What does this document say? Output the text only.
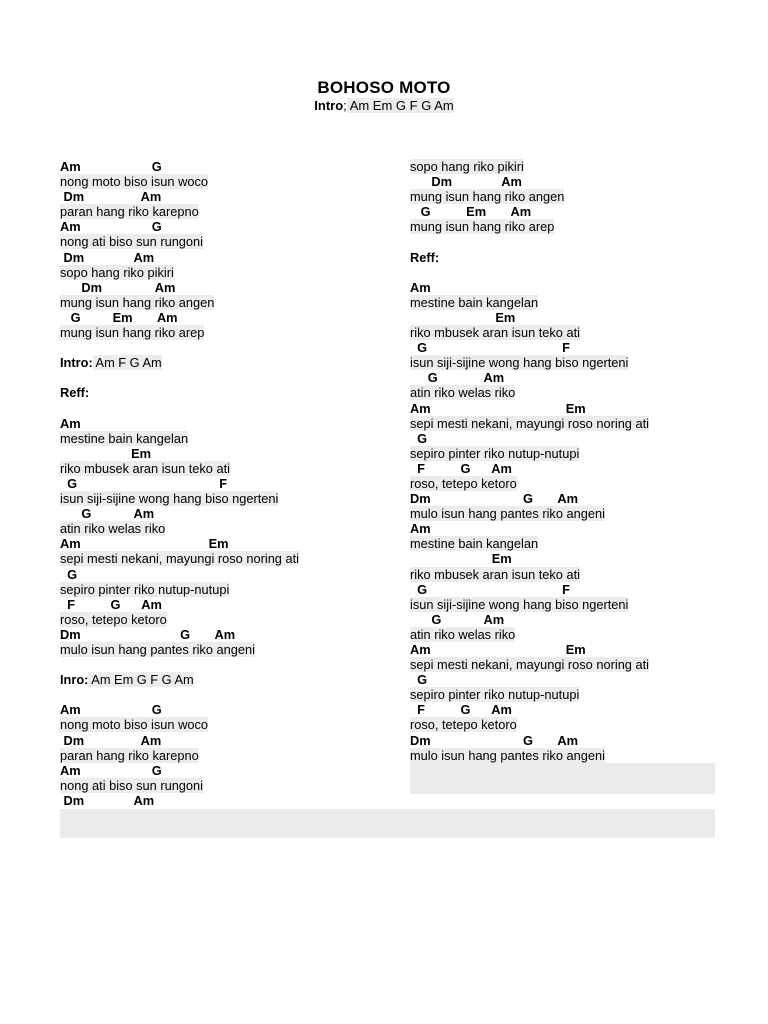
BOHOSO MOTO
Intro; Am Em G F G Am
Am                    G
nong moto biso isun woco
Dm                Am
paran hang riko karepno
Am                    G
nong ati biso sun rungoni
Dm              Am
sopo hang riko pikiri
Dm               Am
mung isun hang riko angen
G         Em       Am
mung isun hang riko arep
Intro: Am F G Am
Reff:
Am
mestine bain kangelan
Em
riko mbusek aran isun teko ati
G                                        F
isun siji-sijine wong hang biso ngerteni
G            Am
atin riko welas riko
Am                                    Em
sepi mesti nekani, mayungi roso noring ati
G
sepiro pinter riko nutup-nutupi
F          G      Am
roso, tetepo ketoro
Dm                            G       Am
mulo isun hang pantes riko angeni
Inro: Am Em G F G Am
Am                    G
nong moto biso isun woco
Dm                Am
paran hang riko karepno
Am                    G
nong ati biso sun rungoni
Dm              Am
sopo hang riko pikiri
Dm              Am
mung isun hang riko angen
G          Em       Am
mung isun hang riko arep
Reff:
Am
mestine bain kangelan
Em
riko mbusek aran isun teko ati
G                                      F
isun siji-sijine wong hang biso ngerteni
G             Am
atin riko welas riko
Am                                      Em
sepi mesti nekani, mayungi roso noring ati
G
sepiro pinter riko nutup-nutupi
F          G      Am
roso, tetepo ketoro
Dm                          G       Am
mulo isun hang pantes riko angeni
Am
mestine bain kangelan
Em
riko mbusek aran isun teko ati
G                                      F
isun siji-sijine wong hang biso ngerteni
G            Am
atin riko welas riko
Am                                      Em
sepi mesti nekani, mayungi roso noring ati
G
sepiro pinter riko nutup-nutupi
F          G      Am
roso, tetepo ketoro
Dm                          G       Am
mulo isun hang pantes riko angeni
